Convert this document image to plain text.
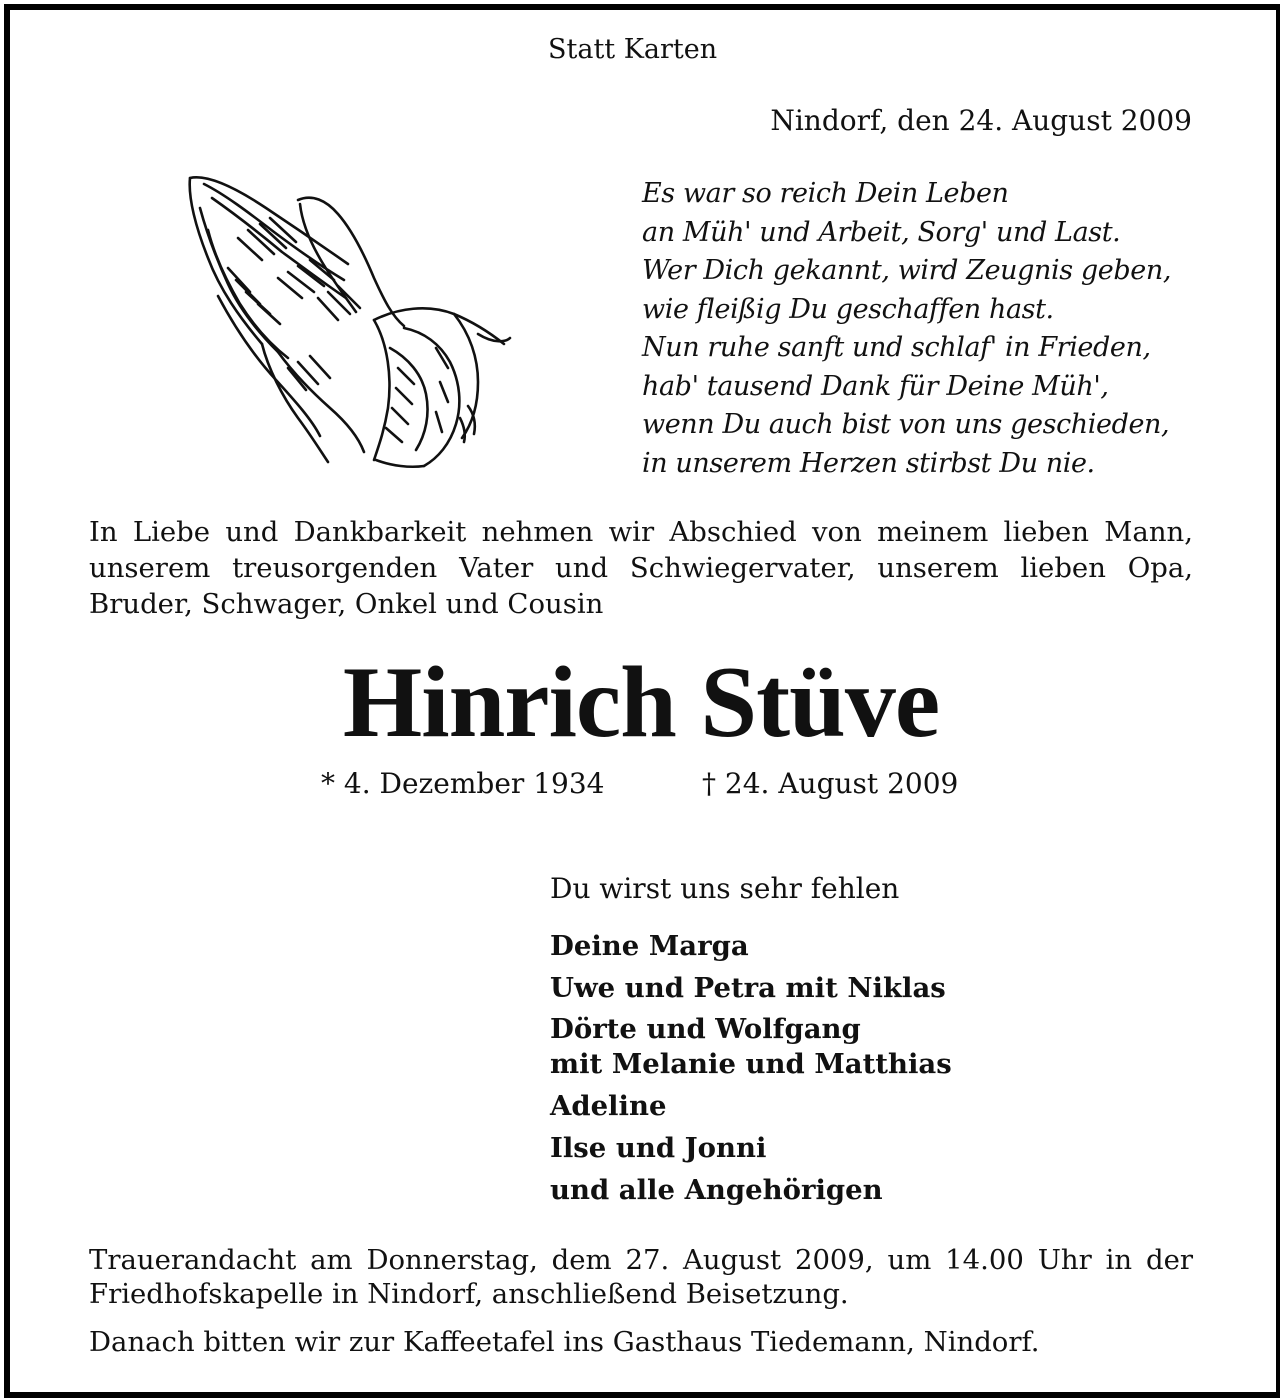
Statt Karten
Nindorf, den 24. August 2009
Es war so reich Dein Leben
an Müh' und Arbeit, Sorg' und Last.
Wer Dich gekannt, wird Zeugnis geben,
wie fleißig Du geschaffen hast.
Nun ruhe sanft und schlaf' in Frieden,
hab' tausend Dank für Deine Müh',
wenn Du auch bist von uns geschieden,
in unserem Herzen stirbst Du nie.
In Liebe und Dankbarkeit nehmen wir Abschied von meinem lieben Mann,
unserem treusorgenden Vater und Schwiegervater, unserem lieben Opa,
Bruder, Schwager, Onkel und Cousin
Hinrich Stüve
* 4. Dezember 1934	† 24. August 2009
Du wirst uns sehr fehlen
Deine Marga
Uwe und Petra mit Niklas
Dörte und Wolfgang
mit Melanie und Matthias
Adeline
Ilse und Jonni
und alle Angehörigen
Trauerandacht am Donnerstag, dem 27. August 2009, um 14.00 Uhr in der
Friedhofskapelle in Nindorf, anschließend Beisetzung.
Danach bitten wir zur Kaffeetafel ins Gasthaus Tiedemann, Nindorf.
